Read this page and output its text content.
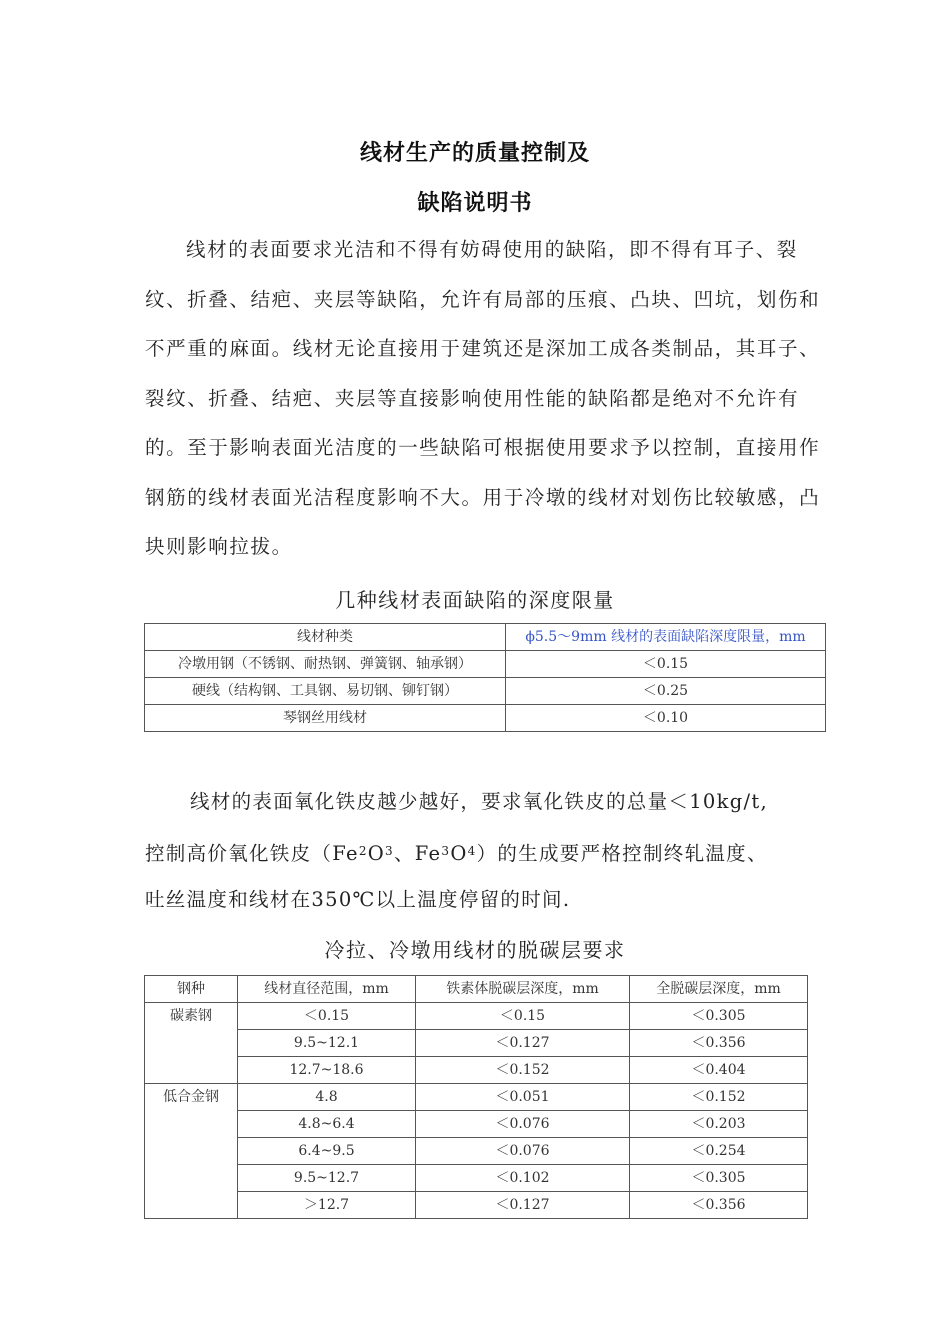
线材生产的质量控制及
缺陷说明书

线材的表面要求光洁和不得有妨碍使用的缺陷，即不得有耳子、裂纹、折叠、结疤、夹层等缺陷，允许有局部的压痕、凸块、凹坑，划伤和不严重的麻面。线材无论直接用于建筑还是深加工成各类制品，其耳子、裂纹、折叠、结疤、夹层等直接影响使用性能的缺陷都是绝对不允许有的。至于影响表面光洁度的一些缺陷可根据使用要求予以控制，直接用作钢筋的线材表面光洁程度影响不大。用于冷墩的线材对划伤比较敏感，凸块则影响拉拔。

几种线材表面缺陷的深度限量
线材种类	ϕ5.5～9mm 线材的表面缺陷深度限量，mm
冷墩用钢（不锈钢、耐热钢、弹簧钢、轴承钢）	＜0.15
硬线（结构钢、工具钢、易切钢、铆钉钢）	＜0.25
琴钢丝用线材	＜0.10
线材的表面氧化铁皮越少越好，要求氧化铁皮的总量＜10kg/t,
控制高价氧化铁皮（$Fe^2O^3$、$Fe^3O^4$）的生成要严格控制终轧温度、
吐丝温度和线材在350℃以上温度停留的时间.
冷拉、冷墩用线材的脱碳层要求
钢种	线材直径范围，mm	铁素体脱碳层深度，mm	全脱碳层深度，mm
碳素钢	＜0.15	＜0.15	＜0.305
	9.5~12.1	＜0.127	＜0.356
	12.7~18.6	＜0.152	＜0.404
低合金钢	4.8	＜0.051	＜0.152
	4.8~6.4	＜0.076	＜0.203
	6.4~9.5	＜0.076	＜0.254
	9.5~12.7	＜0.102	＜0.305
	＞12.7	＜0.127	＜0.356
